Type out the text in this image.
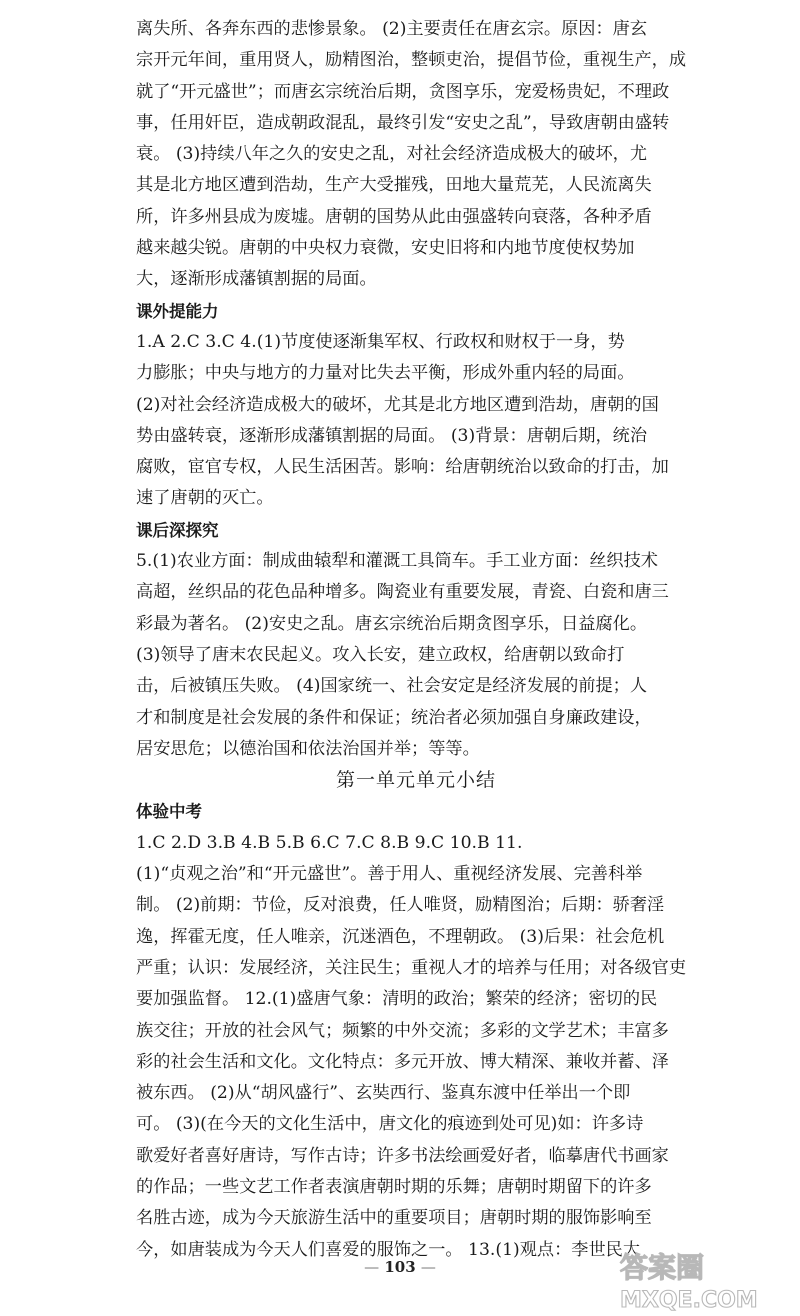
离失所、各奔东西的悲惨景象。 (2)主要责任在唐玄宗。原因：唐玄
宗开元年间，重用贤人，励精图治，整顿吏治，提倡节俭，重视生产，成
就了“开元盛世”；而唐玄宗统治后期，贪图享乐，宠爱杨贵妃，不理政
事，任用奸臣，造成朝政混乱，最终引发“安史之乱”，导致唐朝由盛转
衰。 (3)持续八年之久的安史之乱，对社会经济造成极大的破坏，尤
其是北方地区遭到浩劫，生产大受摧残，田地大量荒芜，人民流离失
所，许多州县成为废墟。唐朝的国势从此由强盛转向衰落，各种矛盾
越来越尖锐。唐朝的中央权力衰微，安史旧将和内地节度使权势加
大，逐渐形成藩镇割据的局面。
课外提能力
1.A 2.C 3.C 4.(1)节度使逐渐集军权、行政权和财权于一身，势
力膨胀；中央与地方的力量对比失去平衡，形成外重内轻的局面。
(2)对社会经济造成极大的破坏，尤其是北方地区遭到浩劫，唐朝的国
势由盛转衰，逐渐形成藩镇割据的局面。 (3)背景：唐朝后期，统治
腐败，宦官专权，人民生活困苦。影响：给唐朝统治以致命的打击，加
速了唐朝的灭亡。
课后深探究
5.(1)农业方面：制成曲辕犁和灌溉工具筒车。手工业方面：丝织技术
高超，丝织品的花色品种增多。陶瓷业有重要发展，青瓷、白瓷和唐三
彩最为著名。 (2)安史之乱。唐玄宗统治后期贪图享乐，日益腐化。
(3)领导了唐末农民起义。攻入长安，建立政权，给唐朝以致命打
击，后被镇压失败。 (4)国家统一、社会安定是经济发展的前提；人
才和制度是社会发展的条件和保证；统治者必须加强自身廉政建设，
居安思危；以德治国和依法治国并举；等等。
第一单元单元小结
体验中考
1.C 2.D 3.B 4.B 5.B 6.C 7.C 8.B 9.C 10.B 11.
(1)“贞观之治”和“开元盛世”。善于用人、重视经济发展、完善科举
制。 (2)前期：节俭，反对浪费，任人唯贤，励精图治；后期：骄奢淫
逸，挥霍无度，任人唯亲，沉迷酒色，不理朝政。 (3)后果：社会危机
严重；认识：发展经济，关注民生；重视人才的培养与任用；对各级官吏
要加强监督。 12.(1)盛唐气象：清明的政治；繁荣的经济；密切的民
族交往；开放的社会风气；频繁的中外交流；多彩的文学艺术；丰富多
彩的社会生活和文化。文化特点：多元开放、博大精深、兼收并蓄、泽
被东西。 (2)从“胡风盛行”、玄奘西行、鉴真东渡中任举出一个即
可。 (3)(在今天的文化生活中，唐文化的痕迹到处可见)如：许多诗
歌爱好者喜好唐诗，写作古诗；许多书法绘画爱好者，临摹唐代书画家
的作品；一些文艺工作者表演唐朝时期的乐舞；唐朝时期留下的许多
名胜古迹，成为今天旅游生活中的重要项目；唐朝时期的服饰影响至
今，如唐装成为今天人们喜爱的服饰之一。 13.(1)观点：李世民大
— 103 —	答案圈
MXQE.COM
